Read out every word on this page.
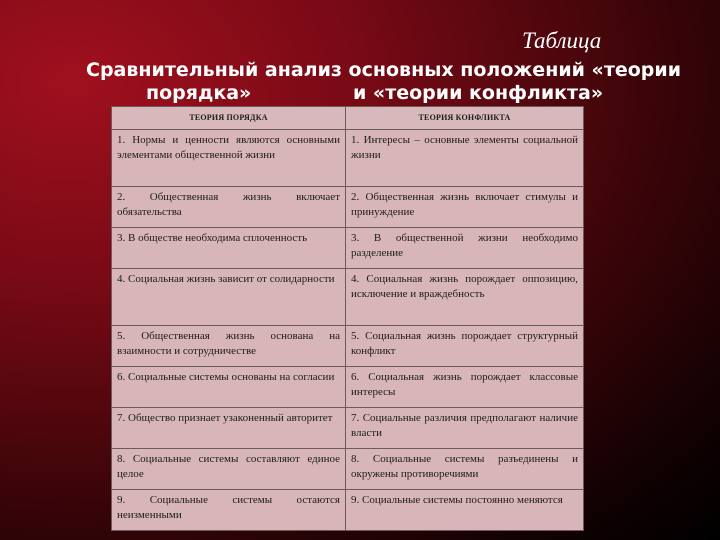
Таблица
Сравнительный анализ основных положений «теории
порядка»	и «теории конфликта»
ТЕОРИЯ ПОРЯДКА	ТЕОРИЯ КОНФЛИКТА
1. Нормы и ценности являются основными элементами общественной жизни	1. Интересы – основные элементы социальной жизни
2. Общественная жизнь включает обязательства	2. Общественная жизнь включает стимулы и принуждение
3. В обществе необходима сплоченность	3. В общественной жизни необходимо разделение
4. Социальная жизнь зависит от солидарности	4. Социальная жизнь порождает оппозицию, исключение и враждебность
5. Общественная жизнь основана на взаимности и сотрудничестве	5. Социальная жизнь порождает структурный конфликт
6. Социальные системы основаны на согласии	6. Социальная жизнь порождает классовые интересы
7. Общество признает узаконенный авторитет	7. Социальные различия предполагают наличие власти
8. Социальные системы составляют единое целое	8. Социальные системы разъединены и окружены противоречиями
9. Социальные системы остаются неизменными	9. Социальные системы постоянно меняются
